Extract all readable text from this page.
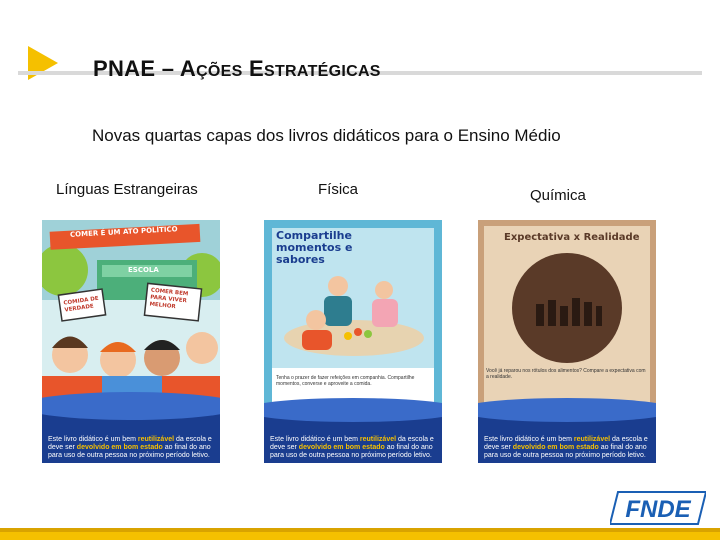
PNAE – AÇÕES ESTRATÉGICAS
Novas quartas capas dos livros didáticos para o Ensino Médio
Línguas Estrangeiras	Física	Química
COMER É UM ATO POLÍTICO
COMIDA DE VERDADE
COMER BEM PARA VIVER MELHOR
ESCOLA
Este livro didático é um bem reutilizável da escola e deve ser devolvido em bom estado ao final do ano para uso de outra pessoa no próximo período letivo.
Compartilhe momentos e sabores
Tenha o prazer de fazer refeições em companhia. Compartilhe momentos, converse e aproveite a comida.
Este livro didático é um bem reutilizável da escola e deve ser devolvido em bom estado ao final do ano para uso de outra pessoa no próximo período letivo.
Expectativa x Realidade
Você já reparou nos rótulos dos alimentos? Compare a expectativa com a realidade.
Este livro didático é um bem reutilizável da escola e deve ser devolvido em bom estado ao final do ano para uso de outra pessoa no próximo período letivo.
FNDE
